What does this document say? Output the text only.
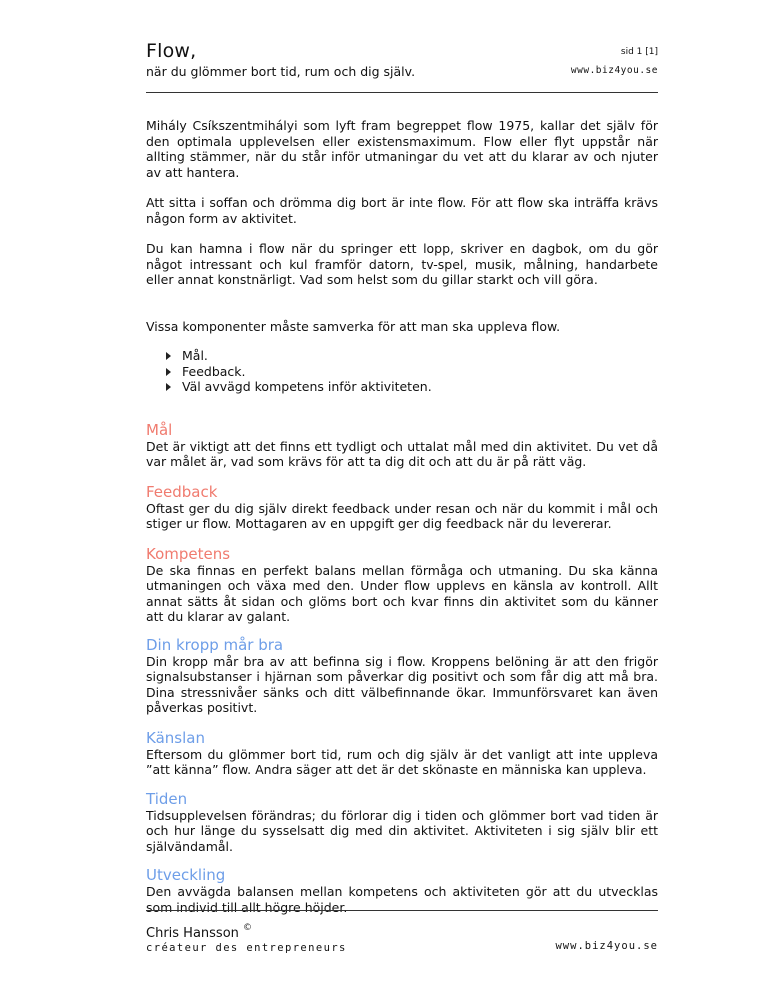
Flow,
när du glömmer bort tid, rum och dig själv.
sid 1 [1]
www.biz4you.se

Mihály Csíkszentmihályi som lyft fram begreppet flow 1975, kallar det själv för den optimala upplevelsen eller existensmaximum. Flow eller flyt uppstår när allting stämmer, när du står inför utmaningar du vet att du klarar av och njuter av att hantera.

Att sitta i soffan och drömma dig bort är inte flow. För att flow ska inträffa krävs någon form av aktivitet.

Du kan hamna i flow när du springer ett lopp, skriver en dagbok, om du gör något intressant och kul framför datorn, tv-spel, musik, målning, handarbete eller annat konstnärligt. Vad som helst som du gillar starkt och vill göra.

Vissa komponenter måste samverka för att man ska uppleva flow.

Mål.
Feedback.
Väl avvägd kompetens inför aktiviteten.
Mål

Det är viktigt att det finns ett tydligt och uttalat mål med din aktivitet. Du vet då var målet är, vad som krävs för att ta dig dit och att du är på rätt väg.

Feedback

Oftast ger du dig själv direkt feedback under resan och när du kommit i mål och stiger ur flow. Mottagaren av en uppgift ger dig feedback när du levererar.

Kompetens

De ska finnas en perfekt balans mellan förmåga och utmaning. Du ska känna utmaningen och växa med den. Under flow upplevs en känsla av kontroll. Allt annat sätts åt sidan och glöms bort och kvar finns din aktivitet som du känner att du klarar av galant.

Din kropp mår bra

Din kropp mår bra av att befinna sig i flow. Kroppens belöning är att den frigör signalsubstanser i hjärnan som påverkar dig positivt och som får dig att må bra. Dina stressnivåer sänks och ditt välbefinnande ökar. Immunförsvaret kan även påverkas positivt.

Känslan

Eftersom du glömmer bort tid, rum och dig själv är det vanligt att inte uppleva ”att känna” flow. Andra säger att det är det skönaste en människa kan uppleva.

Tiden

Tidsupplevelsen förändras; du förlorar dig i tiden och glömmer bort vad tiden är och hur länge du sysselsatt dig med din aktivitet. Aktiviteten i sig själv blir ett självändamål.

Utveckling

Den avvägda balansen mellan kompetens och aktiviteten gör att du utvecklas som individ till allt högre höjder.

Chris Hansson ©
créateur des entrepreneurs	www.biz4you.se
